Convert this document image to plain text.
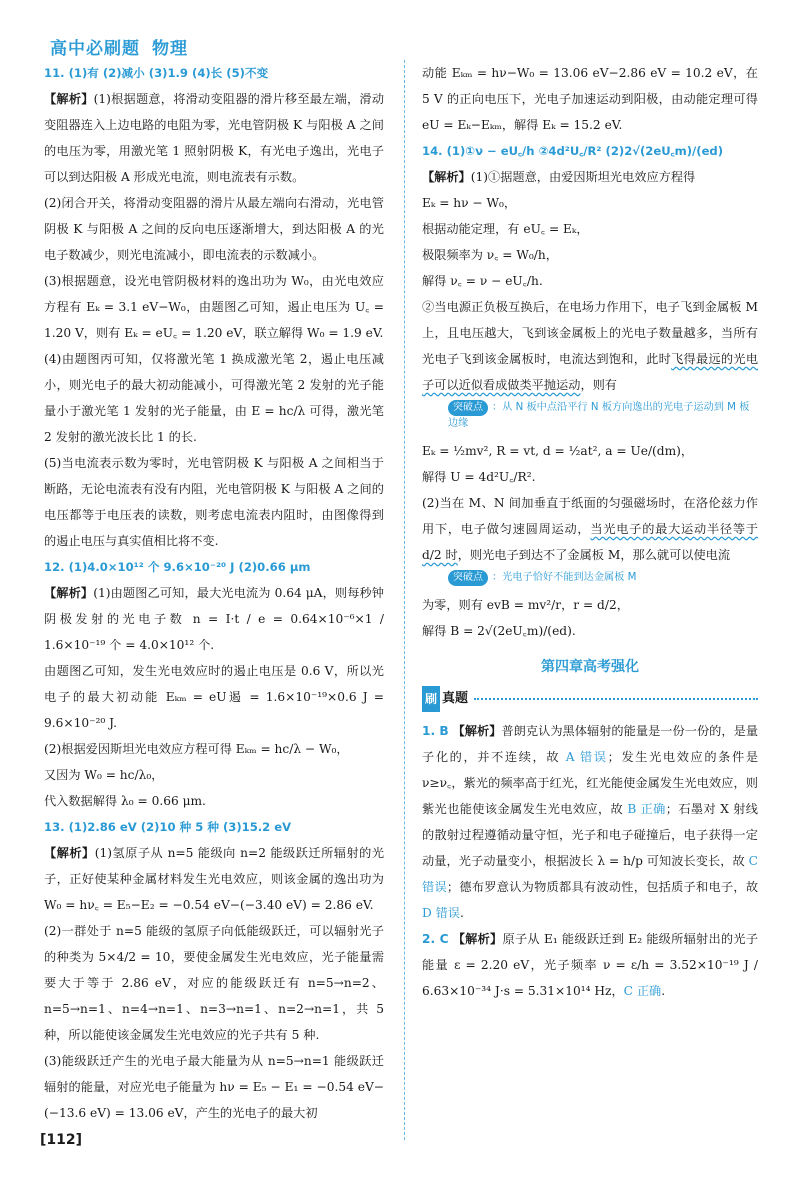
高中必刷题 物理

11. (1)有 (2)减小 (3)1.9 (4)长 (5)不变

【解析】(1)根据题意，将滑动变阻器的滑片移至最左端，滑动变阻器连入上边电路的电阻为零，光电管阴极 K 与阳极 A 之间的电压为零，用激光笔 1 照射阴极 K，有光电子逸出，光电子可以到达阳极 A 形成光电流，则电流表有示数。

(2)闭合开关，将滑动变阻器的滑片从最左端向右滑动，光电管阴极 K 与阳极 A 之间的反向电压逐渐增大，到达阳极 A 的光电子数减少，则光电流减小，即电流表的示数减小。

(3)根据题意，设光电管阴极材料的逸出功为 W₀，由光电效应方程有 Eₖ = 3.1 eV−W₀，由题图乙可知，遏止电压为 U꜀ = 1.20 V，则有 Eₖ = eU꜀ = 1.20 eV，联立解得 W₀ = 1.9 eV.

(4)由题图丙可知，仅将激光笔 1 换成激光笔 2，遏止电压减小，则光电子的最大初动能减小，可得激光笔 2 发射的光子能量小于激光笔 1 发射的光子能量，由 E = hc/λ 可得，激光笔 2 发射的激光波长比 1 的长.

(5)当电流表示数为零时，光电管阴极 K 与阳极 A 之间相当于断路，无论电流表有没有内阻，光电管阴极 K 与阳极 A 之间的电压都等于电压表的读数，则考虑电流表内阻时，由图像得到的遏止电压与真实值相比将不变.

12. (1)4.0×10¹² 个 9.6×10⁻²⁰ J (2)0.66 μm

【解析】(1)由题图乙可知，最大光电流为 0.64 μA，则每秒钟阴极发射的光电子数 n = I·t / e = 0.64×10⁻⁶×1 / 1.6×10⁻¹⁹ 个 = 4.0×10¹² 个.

由题图乙可知，发生光电效应时的遏止电压是 0.6 V，所以光电子的最大初动能 Eₖₘ = eU遏 = 1.6×10⁻¹⁹×0.6 J = 9.6×10⁻²⁰ J.

(2)根据爱因斯坦光电效应方程可得 Eₖₘ = hc/λ − W₀，

又因为 W₀ = hc/λ₀，

代入数据解得 λ₀ = 0.66 μm.

13. (1)2.86 eV (2)10 种 5 种 (3)15.2 eV

【解析】(1)氢原子从 n=5 能级向 n=2 能级跃迁所辐射的光子，正好使某种金属材料发生光电效应，则该金属的逸出功为 W₀ = hν꜀ = E₅−E₂ = −0.54 eV−(−3.40 eV) = 2.86 eV.

(2)一群处于 n=5 能级的氢原子向低能级跃迁，可以辐射光子的种类为 5×4/2 = 10，要使金属发生光电效应，光子能量需要大于等于 2.86 eV，对应的能级跃迁有 n=5→n=2、n=5→n=1、n=4→n=1、n=3→n=1、n=2→n=1，共 5 种，所以能使该金属发生光电效应的光子共有 5 种.

(3)能级跃迁产生的光电子最大能量为从 n=5→n=1 能级跃迁辐射的能量，对应光电子能量为 hν = E₅ − E₁ = −0.54 eV−(−13.6 eV) = 13.06 eV，产生的光电子的最大初

动能 Eₖₘ = hν−W₀ = 13.06 eV−2.86 eV = 10.2 eV，在 5 V 的正向电压下，光电子加速运动到阳极，由动能定理可得 eU = Eₖ−Eₖₘ，解得 Eₖ = 15.2 eV.

14. (1)①ν − eU꜀/h ②4d²U꜀/R² (2)2√(2eU꜀m)/(ed)

【解析】(1)①据题意，由爱因斯坦光电效应方程得

Eₖ = hν − W₀，

根据动能定理，有 eU꜀ = Eₖ，

极限频率为 ν꜀ = W₀/h，

解得 ν꜀ = ν − eU꜀/h.

②当电源正负极互换后，在电场力作用下，电子飞到金属板 M 上，且电压越大，飞到该金属板上的光电子数量越多，当所有光电子飞到该金属板时，电流达到饱和，此时飞得最远的光电子可以近似看成做类平抛运动，则有

突破点 ：从 N 板中点沿平行 N 板方向逸出的光电子运动到 M 板边缘

Eₖ = ½mv², R = vt, d = ½at², a = Ue/(dm)，

解得 U = 4d²U꜀/R².

(2)当在 M、N 间加垂直于纸面的匀强磁场时，在洛伦兹力作用下，电子做匀速圆周运动，当光电子的最大运动半径等于 d/2 时，则光电子到达不了金属板 M，那么就可以使电流

突破点 ：光电子恰好不能到达金属板 M

为零，则有 evB = mv²/r，r = d/2，

解得 B = 2√(2eU꜀m)/(ed).

第四章高考强化
刷 真题

1. B 【解析】普朗克认为黑体辐射的能量是一份一份的，是量子化的，并不连续，故 A 错误；发生光电效应的条件是 ν≥ν꜀，紫光的频率高于红光，红光能使金属发生光电效应，则紫光也能使该金属发生光电效应，故 B 正确；石墨对 X 射线的散射过程遵循动量守恒，光子和电子碰撞后，电子获得一定动量，光子动量变小，根据波长 λ = h/p 可知波长变长，故 C 错误；德布罗意认为物质都具有波动性，包括质子和电子，故 D 错误.

2. C 【解析】原子从 E₁ 能级跃迁到 E₂ 能级所辐射出的光子能量 ε = 2.20 eV，光子频率 ν = ε/h = 3.52×10⁻¹⁹ J / 6.63×10⁻³⁴ J·s = 5.31×10¹⁴ Hz，C 正确.

[112]
